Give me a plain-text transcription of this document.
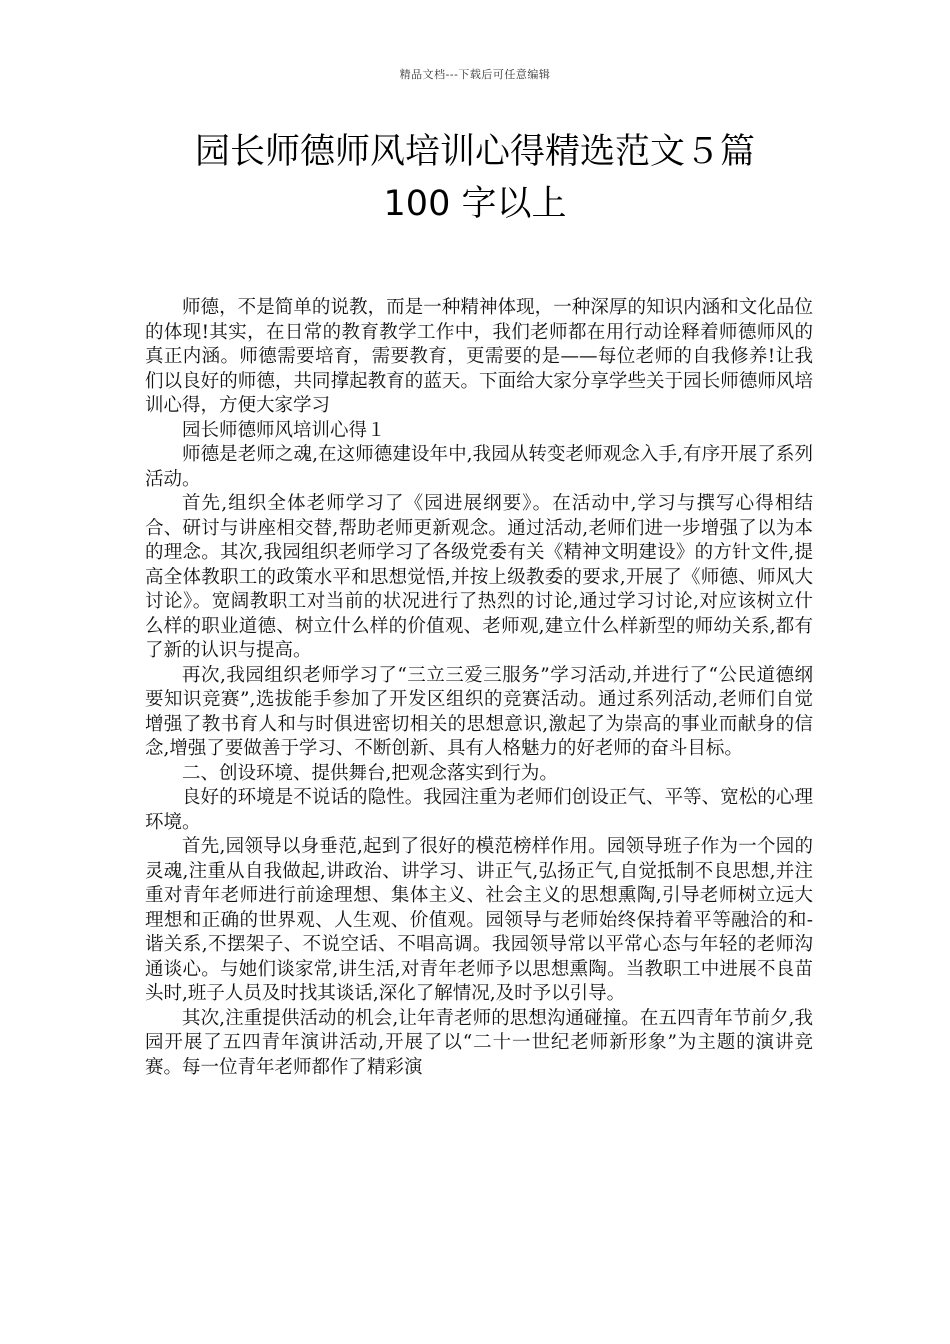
精品文档---下载后可任意编辑
园长师德师风培训心得精选范文５篇
100 字以上

师德，不是简单的说教，而是一种精神体现，一种深厚的知识内涵和文化品位的体现!其实，在日常的教育教学工作中，我们老师都在用行动诠释着师德师风的真正内涵。师德需要培育，需要教育，更需要的是——每位老师的自我修养!让我们以良好的师德，共同撑起教育的蓝天。下面给大家分享学些关于园长师德师风培训心得，方便大家学习

园长师德师风培训心得１

师德是老师之魂,在这师德建设年中,我园从转变老师观念入手,有序开展了系列活动。

首先,组织全体老师学习了《园进展纲要》。在活动中,学习与撰写心得相结合、研讨与讲座相交替,帮助老师更新观念。通过活动,老师们进一步增强了以为本的理念。其次,我园组织老师学习了各级党委有关《精神文明建设》的方针文件,提高全体教职工的政策水平和思想觉悟,并按上级教委的要求,开展了《师德、师风大讨论》。宽阔教职工对当前的状况进行了热烈的讨论,通过学习讨论,对应该树立什么样的职业道德、树立什么样的价值观、老师观,建立什么样新型的师幼关系,都有了新的认识与提高。

再次,我园组织老师学习了“三立三爱三服务”学习活动,并进行了“公民道德纲要知识竞赛”,选拔能手参加了开发区组织的竞赛活动。通过系列活动,老师们自觉增强了教书育人和与时俱进密切相关的思想意识,激起了为崇高的事业而献身的信念,增强了要做善于学习、不断创新、具有人格魅力的好老师的奋斗目标。

二、创设环境、提供舞台,把观念落实到行为。

良好的环境是不说话的隐性。我园注重为老师们创设正气、平等、宽松的心理环境。

首先,园领导以身垂范,起到了很好的模范榜样作用。园领导班子作为一个园的灵魂,注重从自我做起,讲政治、讲学习、讲正气,弘扬正气,自觉抵制不良思想,并注重对青年老师进行前途理想、集体主义、社会主义的思想熏陶,引导老师树立远大理想和正确的世界观、人生观、价值观。园领导与老师始终保持着平等融洽的和-谐关系,不摆架子、不说空话、不唱高调。我园领导常以平常心态与年轻的老师沟通谈心。与她们谈家常,讲生活,对青年老师予以思想熏陶。当教职工中进展不良苗头时,班子人员及时找其谈话,深化了解情况,及时予以引导。

其次,注重提供活动的机会,让年青老师的思想沟通碰撞。在五四青年节前夕,我园开展了五四青年演讲活动,开展了以“二十一世纪老师新形象”为主题的演讲竞赛。每一位青年老师都作了精彩演
